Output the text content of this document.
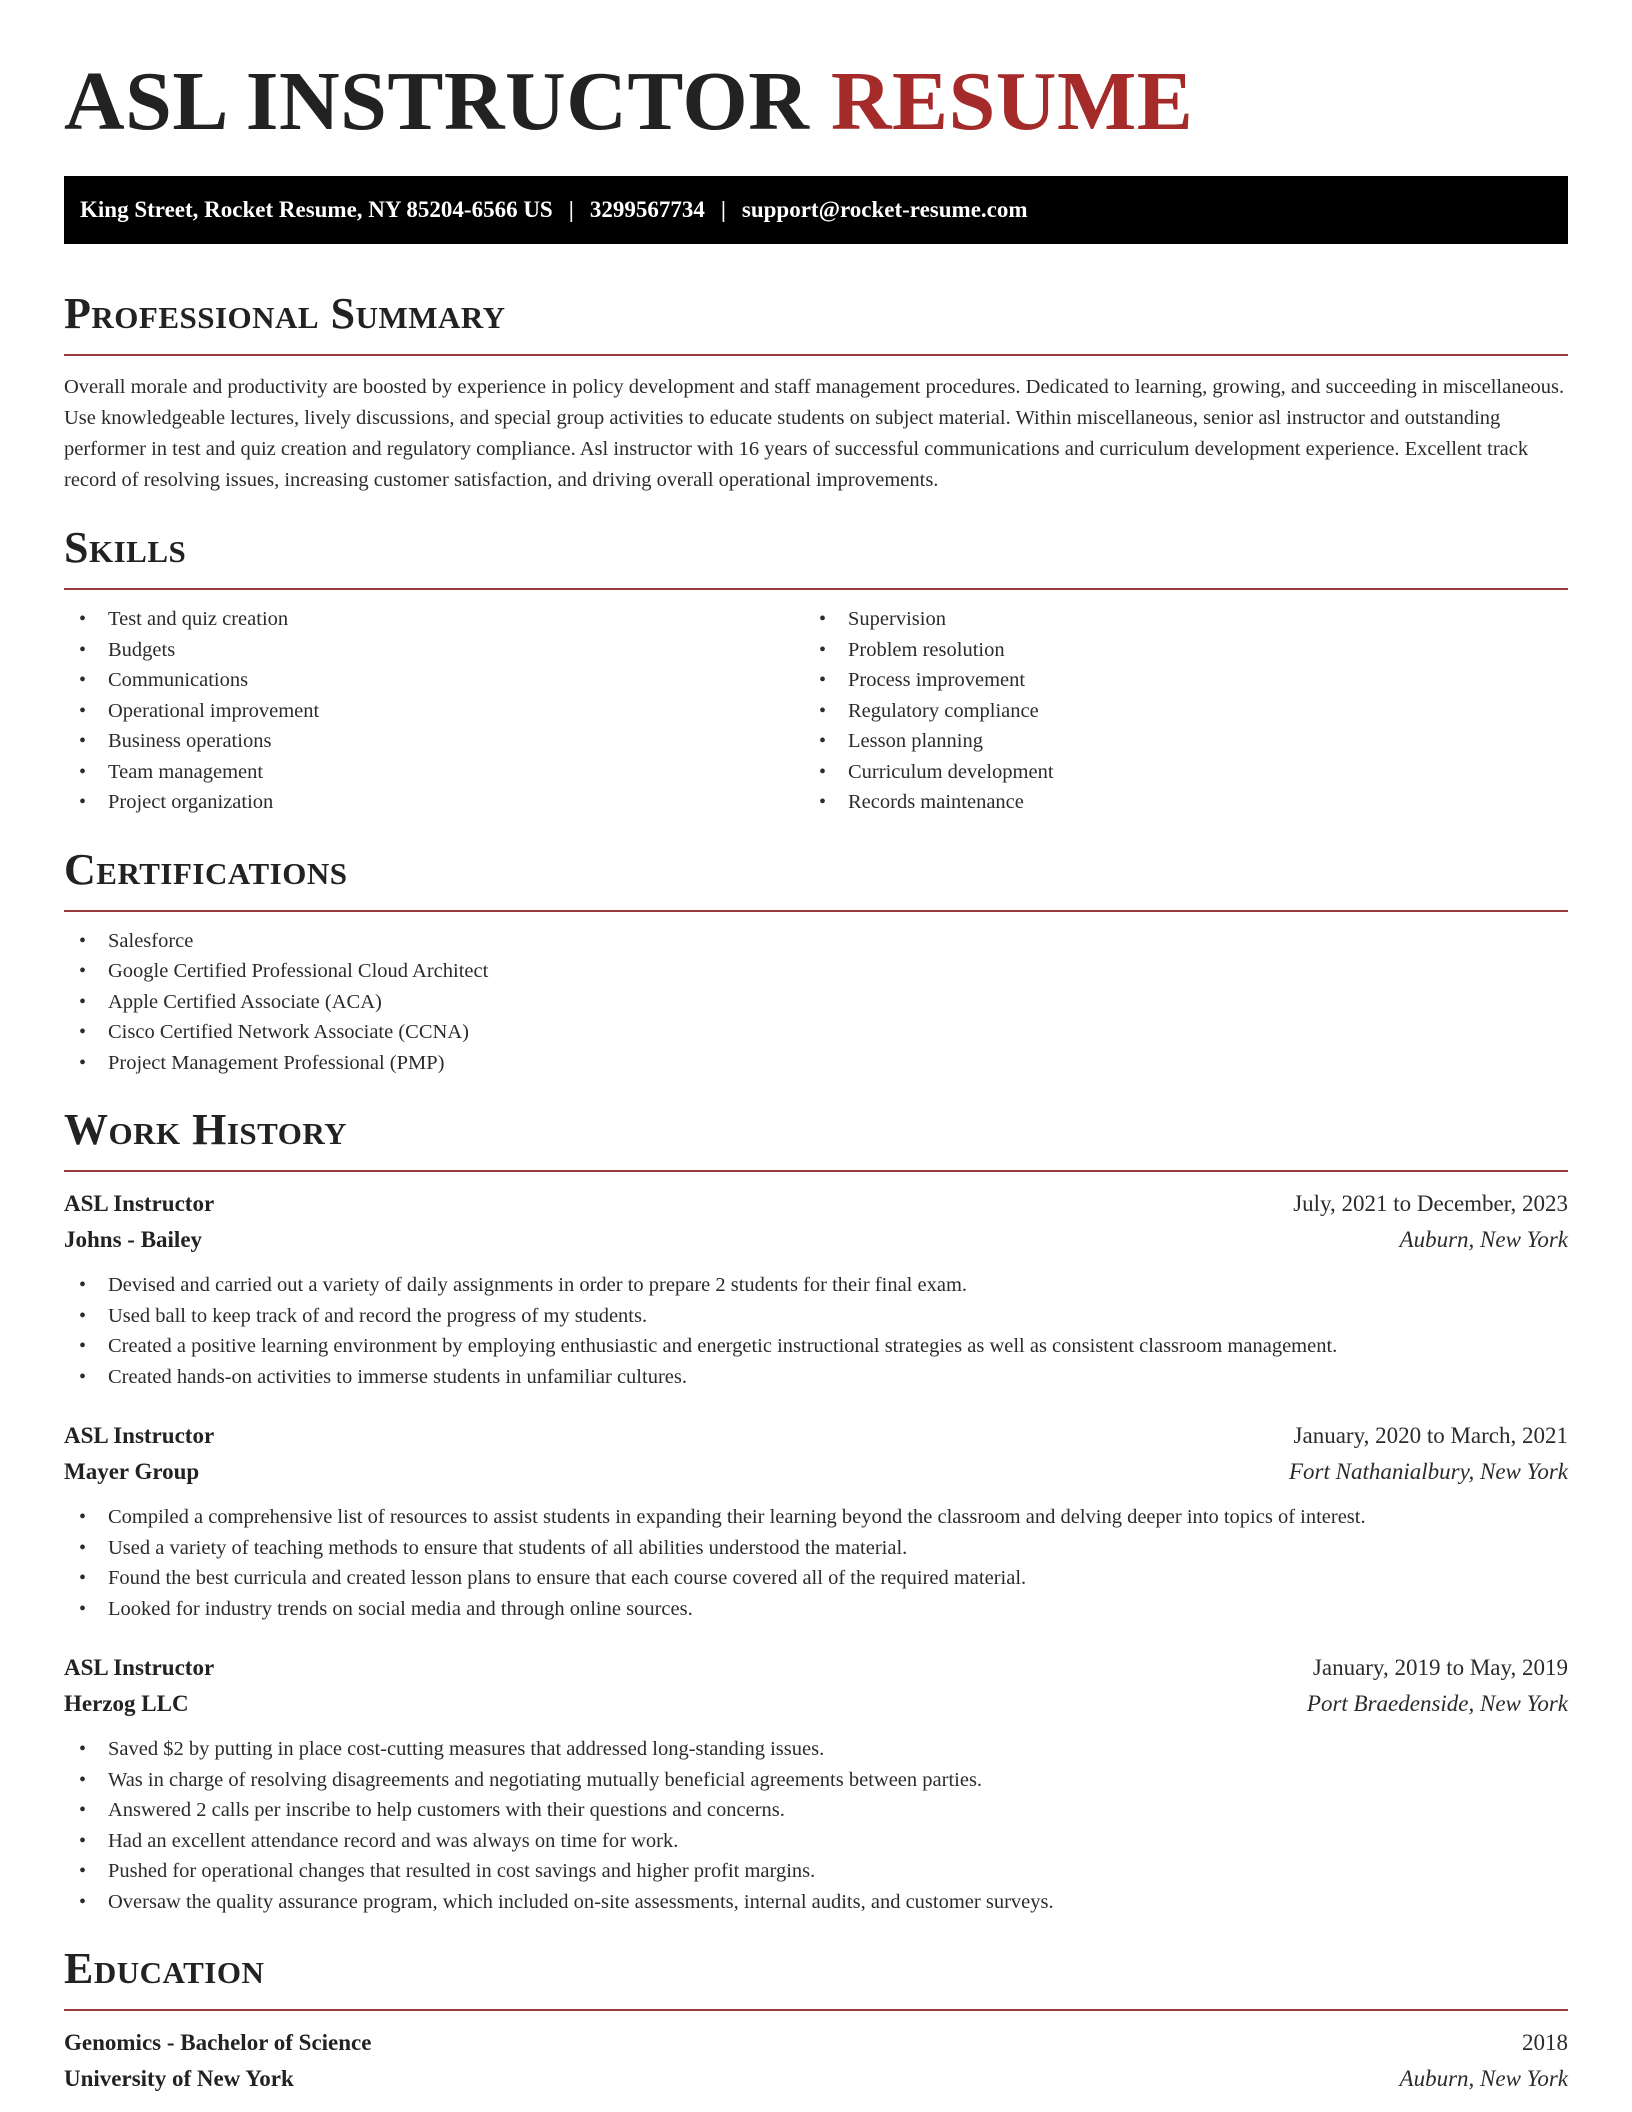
ASL INSTRUCTOR RESUME
King Street, Rocket Resume, NY 85204-6566 US | 3299567734 | support@rocket-resume.com
Professional Summary

Overall morale and productivity are boosted by experience in policy development and staff management procedures. Dedicated to learning, growing, and succeeding in miscellaneous. Use knowledgeable lectures, lively discussions, and special group activities to educate students on subject material. Within miscellaneous, senior asl instructor and outstanding performer in test and quiz creation and regulatory compliance. Asl instructor with 16 years of successful communications and curriculum development experience. Excellent track record of resolving issues, increasing customer satisfaction, and driving overall operational improvements.

Skills
• Test and quiz creation
• Budgets
• Communications
• Operational improvement
• Business operations
• Team management
• Project organization
• Supervision
• Problem resolution
• Process improvement
• Regulatory compliance
• Lesson planning
• Curriculum development
• Records maintenance
Certifications
• Salesforce
• Google Certified Professional Cloud Architect
• Apple Certified Associate (ACA)
• Cisco Certified Network Associate (CCNA)
• Project Management Professional (PMP)
Work History
ASL Instructor	July, 2021 to December, 2023
Johns - Bailey	Auburn, New York
• Devised and carried out a variety of daily assignments in order to prepare 2 students for their final exam.
• Used ball to keep track of and record the progress of my students.
• Created a positive learning environment by employing enthusiastic and energetic instructional strategies as well as consistent classroom management.
• Created hands-on activities to immerse students in unfamiliar cultures.
ASL Instructor	January, 2020 to March, 2021
Mayer Group	Fort Nathanialbury, New York
• Compiled a comprehensive list of resources to assist students in expanding their learning beyond the classroom and delving deeper into topics of interest.
• Used a variety of teaching methods to ensure that students of all abilities understood the material.
• Found the best curricula and created lesson plans to ensure that each course covered all of the required material.
• Looked for industry trends on social media and through online sources.
ASL Instructor	January, 2019 to May, 2019
Herzog LLC	Port Braedenside, New York
• Saved $2 by putting in place cost-cutting measures that addressed long-standing issues.
• Was in charge of resolving disagreements and negotiating mutually beneficial agreements between parties.
• Answered 2 calls per inscribe to help customers with their questions and concerns.
• Had an excellent attendance record and was always on time for work.
• Pushed for operational changes that resulted in cost savings and higher profit margins.
• Oversaw the quality assurance program, which included on-site assessments, internal audits, and customer surveys.
Education
Genomics - Bachelor of Science	2018
University of New York	Auburn, New York
